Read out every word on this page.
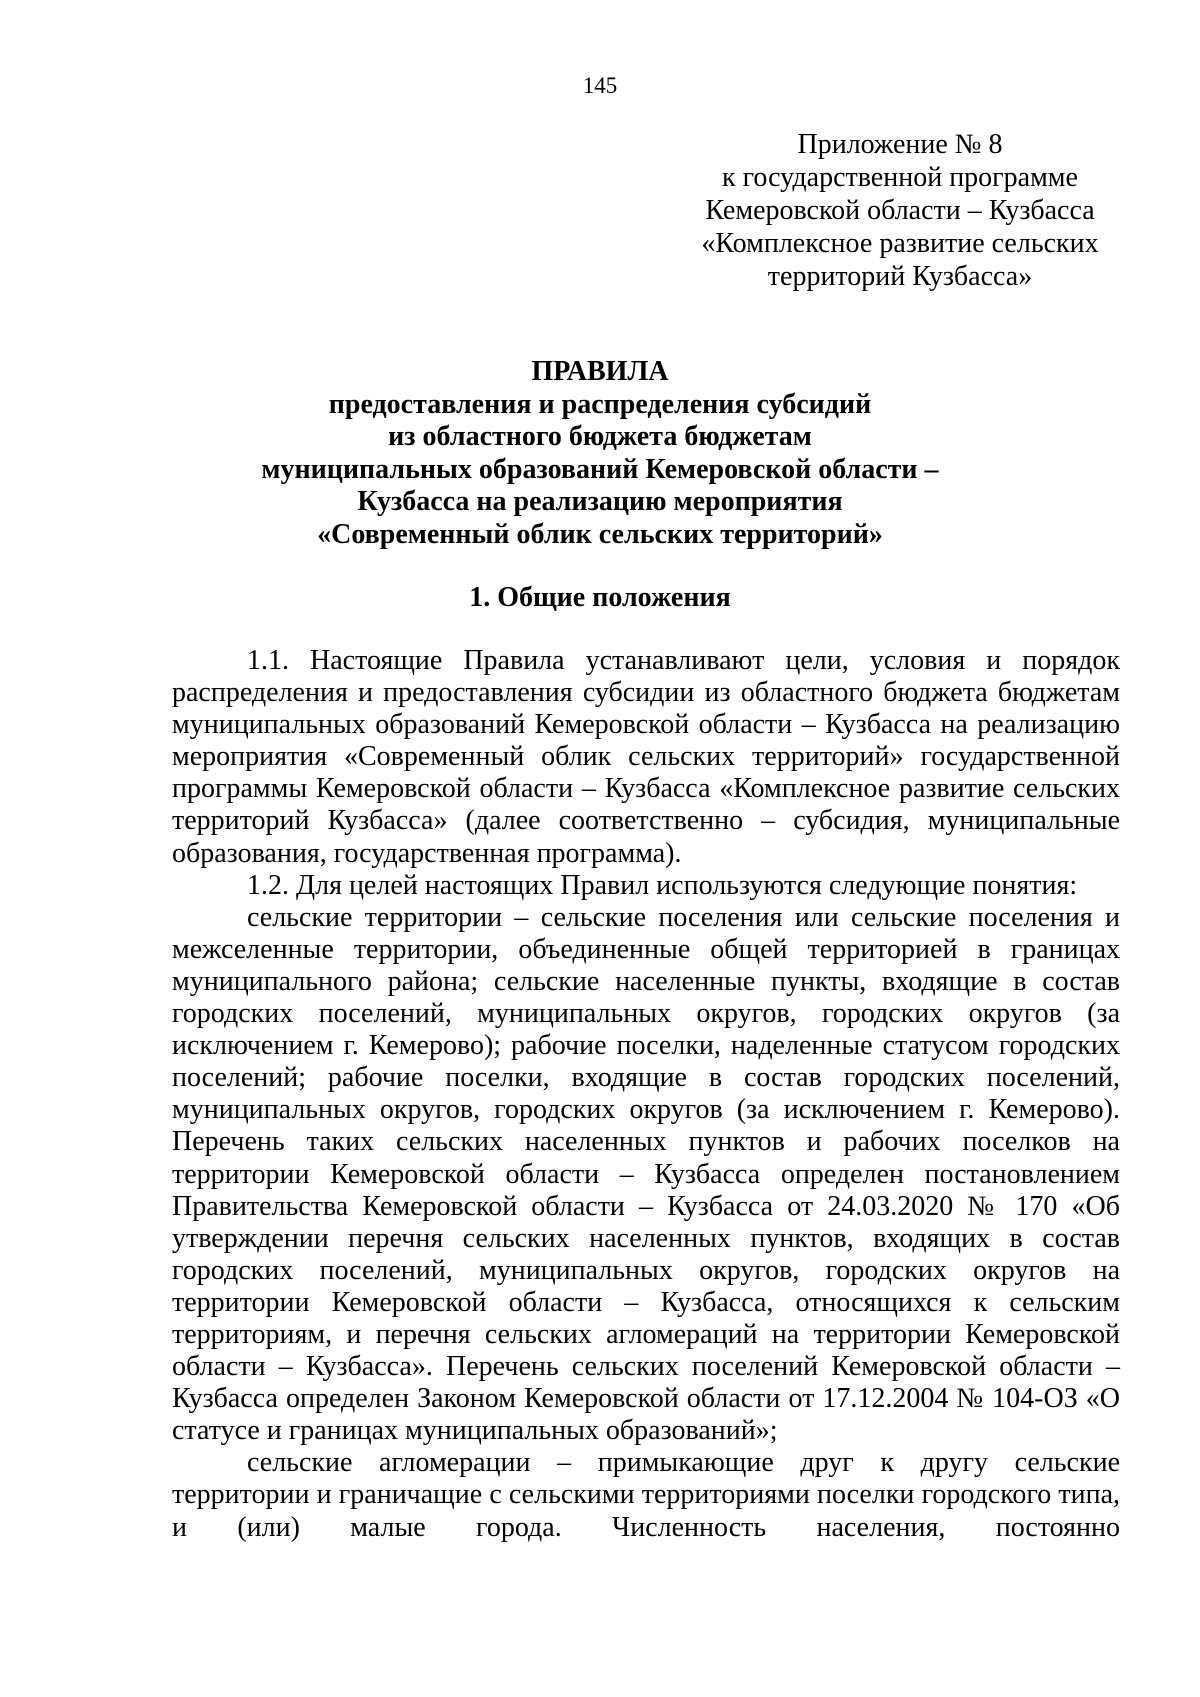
145
Приложение № 8
к государственной программе
Кемеровской области – Кузбасса
«Комплексное развитие сельских
территорий Кузбасса»
ПРАВИЛА
предоставления и распределения субсидий
из областного бюджета бюджетам
муниципальных образований Кемеровской области –
Кузбасса на реализацию мероприятия
«Современный облик сельских территорий»
1. Общие положения

1.1. Настоящие Правила устанавливают цели, условия и порядок распределения и предоставления субсидии из областного бюджета бюджетам муниципальных образований Кемеровской области – Кузбасса на реализацию мероприятия «Современный облик сельских территорий» государственной программы Кемеровской области – Кузбасса «Комплексное развитие сельских территорий Кузбасса» (далее соответственно – субсидия, муниципальные образования, государственная программа).

1.2. Для целей настоящих Правил используются следующие понятия:

сельские территории – сельские поселения или сельские поселения и межселенные территории, объединенные общей территорией в границах муниципального района; сельские населенные пункты, входящие в состав городских поселений, муниципальных округов, городских округов (за исключением г. Кемерово); рабочие поселки, наделенные статусом городских поселений; рабочие поселки, входящие в состав городских поселений, муниципальных округов, городских округов (за исключением г. Кемерово). Перечень таких сельских населенных пунктов и рабочих поселков на территории Кемеровской области – Кузбасса определен постановлением Правительства Кемеровской области – Кузбасса от 24.03.2020 № 170 «Об утверждении перечня сельских населенных пунктов, входящих в состав городских поселений, муниципальных округов, городских округов на территории Кемеровской области – Кузбасса, относящихся к сельским территориям, и перечня сельских агломераций на территории Кемеровской области – Кузбасса». Перечень сельских поселений Кемеровской области – Кузбасса определен Законом Кемеровской области от 17.12.2004 № 104-ОЗ «О статусе и границах муниципальных образований»;

сельские агломерации – примыкающие друг к другу сельские территории и граничащие с сельскими территориями поселки городского типа, и (или) малые города. Численность населения, постоянно
